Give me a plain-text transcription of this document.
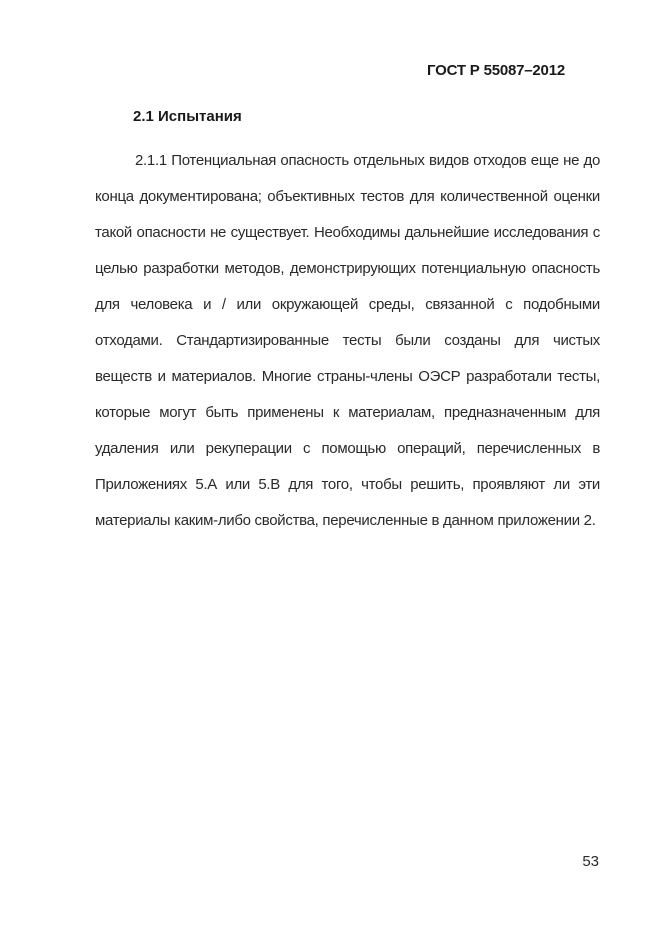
ГОСТ Р 55087–2012
2.1 Испытания

2.1.1 Потенциальная опасность отдельных видов отходов еще не до конца документирована; объективных тестов для количественной оценки такой опасности не существует. Необходимы дальнейшие исследования с целью разработки методов, демонстрирующих потенциальную опасность для человека и / или окружающей среды, связанной с подобными отходами. Стандартизированные тесты были созданы для чистых веществ и материалов. Многие страны-члены ОЭСР разработали тесты, которые могут быть применены к материалам, предназначенным для удаления или рекуперации с помощью операций, перечисленных в Приложениях 5.А или 5.В для того, чтобы решить, проявляют ли эти материалы каким-либо свойства, перечисленные в данном приложении 2.

53
